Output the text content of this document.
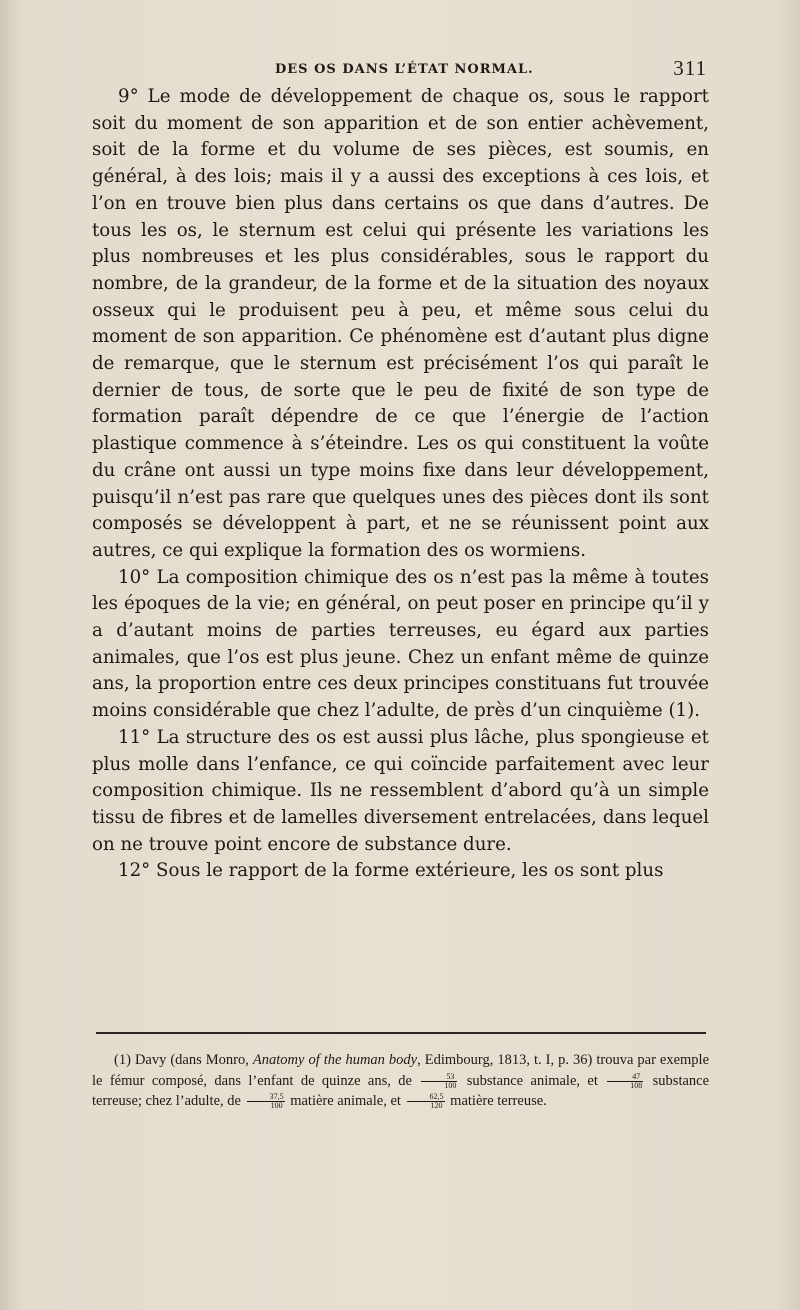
DES OS DANS L’ÉTAT NORMAL.	311

9° Le mode de développement de chaque os, sous le rapport soit du moment de son apparition et de son entier achèvement, soit de la forme et du volume de ses pièces, est soumis, en général, à des lois; mais il y a aussi des exceptions à ces lois, et l’on en trouve bien plus dans certains os que dans d’autres. De tous les os, le sternum est celui qui présente les variations les plus nombreuses et les plus considérables, sous le rapport du nombre, de la grandeur, de la forme et de la situation des noyaux osseux qui le produisent peu à peu, et même sous celui du moment de son apparition. Ce phénomène est d’autant plus digne de remarque, que le sternum est précisément l’os qui paraît le dernier de tous, de sorte que le peu de fixité de son type de formation paraît dépendre de ce que l’énergie de l’action plastique commence à s’éteindre. Les os qui constituent la voûte du crâne ont aussi un type moins fixe dans leur développement, puisqu’il n’est pas rare que quelques unes des pièces dont ils sont composés se développent à part, et ne se réunissent point aux autres, ce qui explique la formation des os wormiens.

10° La composition chimique des os n’est pas la même à toutes les époques de la vie; en général, on peut poser en principe qu’il y a d’autant moins de parties terreuses, eu égard aux parties animales, que l’os est plus jeune. Chez un enfant même de quinze ans, la proportion entre ces deux principes constituans fut trouvée moins considérable que chez l’adulte, de près d’un cinquième (1).

11° La structure des os est aussi plus lâche, plus spongieuse et plus molle dans l’enfance, ce qui coïncide parfaitement avec leur composition chimique. Ils ne ressemblent d’abord qu’à un simple tissu de fibres et de lamelles diversement entrelacées, dans lequel on ne trouve point encore de substance dure.

12° Sous le rapport de la forme extérieure, les os sont plus

(1) Davy (dans Monro, Anatomy of the human body, Edimbourg, 1813, t. I, p. 36) trouva par exemple le fémur composé, dans l’enfant de quinze ans, de $\frac{53}{100}$ substance animale, et $\frac{47}{108}$ substance terreuse; chez l’adulte, de $\frac{37,5}{100}$ matière animale, et $\frac{62,5}{120}$ matière terreuse.
